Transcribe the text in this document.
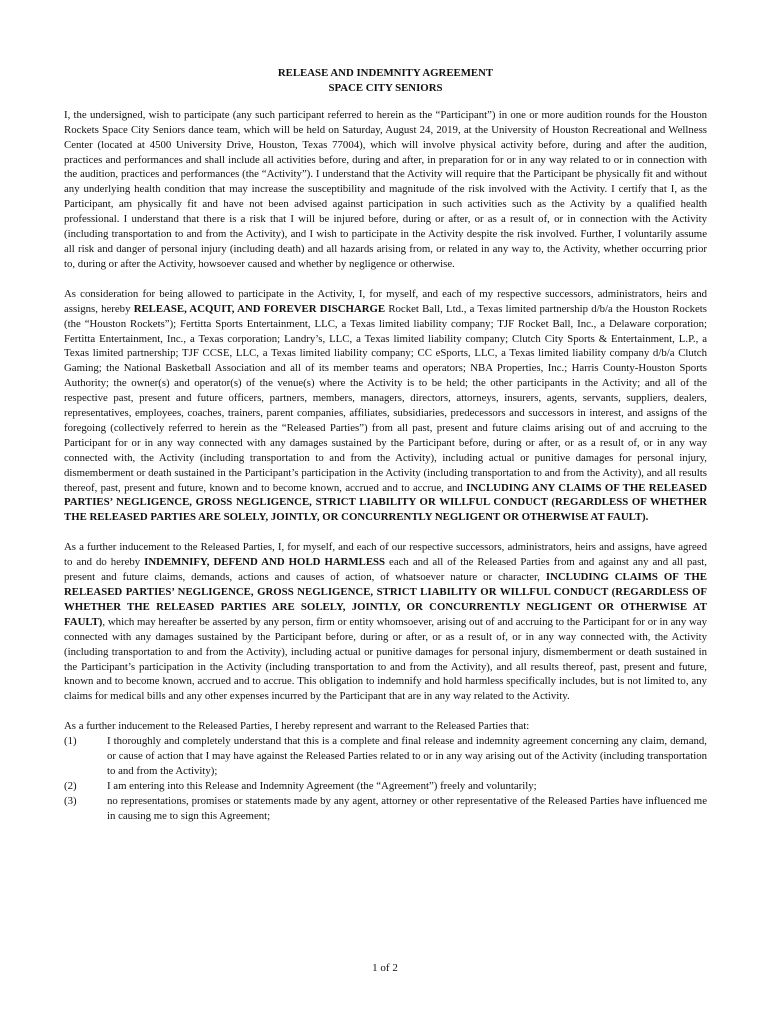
RELEASE AND INDEMNITY AGREEMENT

SPACE CITY SENIORS

I, the undersigned, wish to participate (any such participant referred to herein as the “Participant”) in one or more audition rounds for the Houston Rockets Space City Seniors dance team, which will be held on Saturday, August 24, 2019, at the University of Houston Recreational and Wellness Center (located at 4500 University Drive, Houston, Texas 77004), which will involve physical activity before, during and after the audition, practices and performances and shall include all activities before, during and after, in preparation for or in any way related to or in connection with the audition, practices and performances (the “Activity”). I understand that the Activity will require that the Participant be physically fit and without any underlying health condition that may increase the susceptibility and magnitude of the risk involved with the Activity. I certify that I, as the Participant, am physically fit and have not been advised against participation in such activities such as the Activity by a qualified health professional. I understand that there is a risk that I will be injured before, during or after, or as a result of, or in connection with the Activity (including transportation to and from the Activity), and I wish to participate in the Activity despite the risk involved. Further, I voluntarily assume all risk and danger of personal injury (including death) and all hazards arising from, or related in any way to, the Activity, whether occurring prior to, during or after the Activity, howsoever caused and whether by negligence or otherwise.

As consideration for being allowed to participate in the Activity, I, for myself, and each of my respective successors, administrators, heirs and assigns, hereby RELEASE, ACQUIT, AND FOREVER DISCHARGE Rocket Ball, Ltd., a Texas limited partnership d/b/a the Houston Rockets (the “Houston Rockets”); Fertitta Sports Entertainment, LLC, a Texas limited liability company; TJF Rocket Ball, Inc., a Delaware corporation; Fertitta Entertainment, Inc., a Texas corporation; Landry’s, LLC, a Texas limited liability company; Clutch City Sports & Entertainment, L.P., a Texas limited partnership; TJF CCSE, LLC, a Texas limited liability company; CC eSports, LLC, a Texas limited liability company d/b/a Clutch Gaming; the National Basketball Association and all of its member teams and operators; NBA Properties, Inc.; Harris County-Houston Sports Authority; the owner(s) and operator(s) of the venue(s) where the Activity is to be held; the other participants in the Activity; and all of the respective past, present and future officers, partners, members, managers, directors, attorneys, insurers, agents, servants, suppliers, dealers, representatives, employees, coaches, trainers, parent companies, affiliates, subsidiaries, predecessors and successors in interest, and assigns of the foregoing (collectively referred to herein as the “Released Parties”) from all past, present and future claims arising out of and accruing to the Participant for or in any way connected with any damages sustained by the Participant before, during or after, or as a result of, or in any way connected with, the Activity (including transportation to and from the Activity), including actual or punitive damages for personal injury, dismemberment or death sustained in the Participant’s participation in the Activity (including transportation to and from the Activity), and all results thereof, past, present and future, known and to become known, accrued and to accrue, and INCLUDING ANY CLAIMS OF THE RELEASED PARTIES’ NEGLIGENCE, GROSS NEGLIGENCE, STRICT LIABILITY OR WILLFUL CONDUCT (REGARDLESS OF WHETHER THE RELEASED PARTIES ARE SOLELY, JOINTLY, OR CONCURRENTLY NEGLIGENT OR OTHERWISE AT FAULT).

As a further inducement to the Released Parties, I, for myself, and each of our respective successors, administrators, heirs and assigns, have agreed to and do hereby INDEMNIFY, DEFEND AND HOLD HARMLESS each and all of the Released Parties from and against any and all past, present and future claims, demands, actions and causes of action, of whatsoever nature or character, INCLUDING CLAIMS OF THE RELEASED PARTIES’ NEGLIGENCE, GROSS NEGLIGENCE, STRICT LIABILITY OR WILLFUL CONDUCT (REGARDLESS OF WHETHER THE RELEASED PARTIES ARE SOLELY, JOINTLY, OR CONCURRENTLY NEGLIGENT OR OTHERWISE AT FAULT), which may hereafter be asserted by any person, firm or entity whomsoever, arising out of and accruing to the Participant for or in any way connected with any damages sustained by the Participant before, during or after, or as a result of, or in any way connected with, the Activity (including transportation to and from the Activity), including actual or punitive damages for personal injury, dismemberment or death sustained in the Participant’s participation in the Activity (including transportation to and from the Activity), and all results thereof, past, present and future, known and to become known, accrued and to accrue. This obligation to indemnify and hold harmless specifically includes, but is not limited to, any claims for medical bills and any other expenses incurred by the Participant that are in any way related to the Activity.

As a further inducement to the Released Parties, I hereby represent and warrant to the Released Parties that:

(1)	I thoroughly and completely understand that this is a complete and final release and indemnity agreement concerning any claim, demand, or cause of action that I may have against the Released Parties related to or in any way arising out of the Activity (including transportation to and from the Activity);
(2)	I am entering into this Release and Indemnity Agreement (the “Agreement”) freely and voluntarily;
(3)	no representations, promises or statements made by any agent, attorney or other representative of the Released Parties have influenced me in causing me to sign this Agreement;
1 of 2
